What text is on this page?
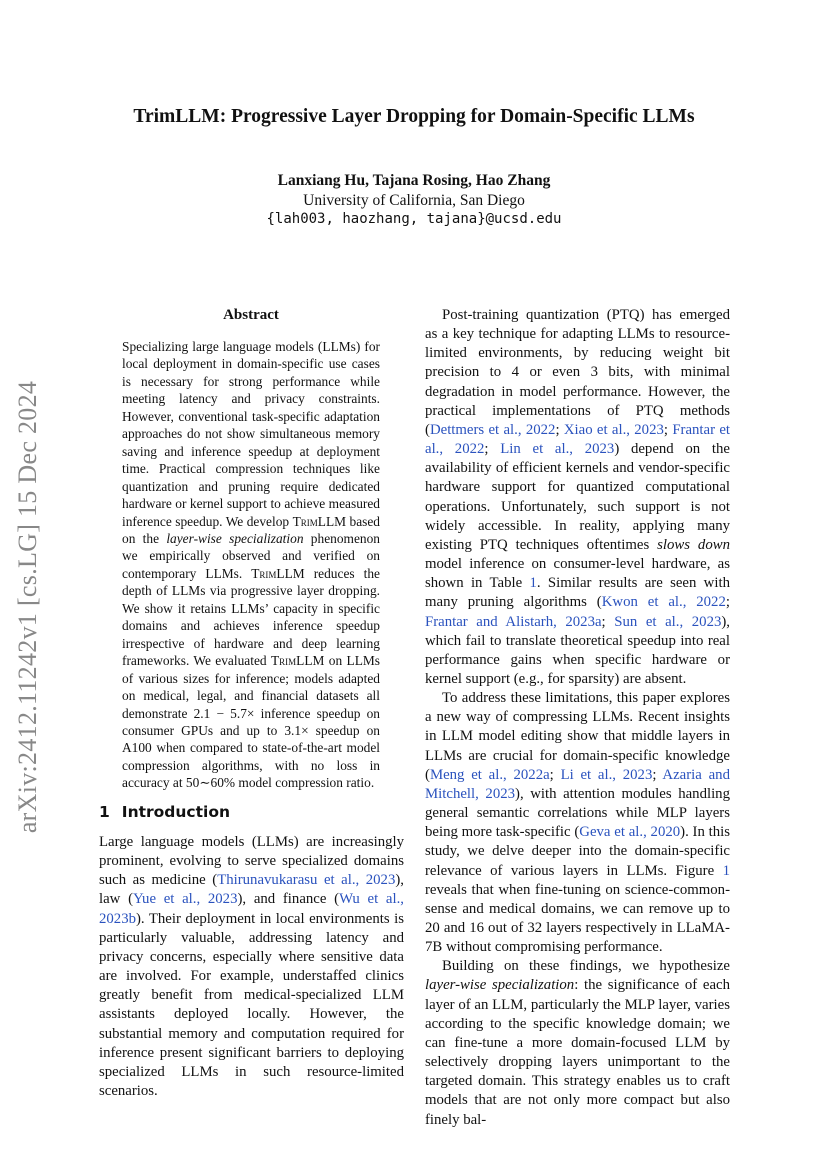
arXiv:2412.11242v1 [cs.LG] 15 Dec 2024
TrimLLM: Progressive Layer Dropping for Domain-Specific LLMs
Lanxiang Hu, Tajana Rosing, Hao Zhang
University of California, San Diego
{lah003, haozhang, tajana}@ucsd.edu
Abstract

Specializing large language models (LLMs) for local deployment in domain-specific use cases is necessary for strong performance while meeting latency and privacy constraints. However, conventional task-specific adaptation approaches do not show simultaneous memory saving and inference speedup at deployment time. Practical compression techniques like quantization and pruning require dedicated hardware or kernel support to achieve measured inference speedup. We develop TrimLLM based on the layer-wise specialization phenomenon we empirically observed and verified on contemporary LLMs. TrimLLM reduces the depth of LLMs via progressive layer dropping. We show it retains LLMs’ capacity in specific domains and achieves inference speedup irrespective of hardware and deep learning frameworks. We evaluated TrimLLM on LLMs of various sizes for inference; models adapted on medical, legal, and financial datasets all demonstrate 2.1 − 5.7× inference speedup on consumer GPUs and up to 3.1× speedup on A100 when compared to state-of-the-art model compression algorithms, with no loss in accuracy at 50∼60% model compression ratio.

1 Introduction

Large language models (LLMs) are increasingly prominent, evolving to serve specialized domains such as medicine (Thirunavukarasu et al., 2023), law (Yue et al., 2023), and finance (Wu et al., 2023b). Their deployment in local environments is particularly valuable, addressing latency and privacy concerns, especially where sensitive data are involved. For example, understaffed clinics greatly benefit from medical-specialized LLM assistants deployed locally. However, the substantial memory and computation required for inference present significant barriers to deploying specialized LLMs in such resource-limited scenarios.

Post-training quantization (PTQ) has emerged as a key technique for adapting LLMs to resource-limited environments, by reducing weight bit precision to 4 or even 3 bits, with minimal degradation in model performance. However, the practical implementations of PTQ methods (Dettmers et al., 2022; Xiao et al., 2023; Frantar et al., 2022; Lin et al., 2023) depend on the availability of efficient kernels and vendor-specific hardware support for quantized computational operations. Unfortunately, such support is not widely accessible. In reality, applying many existing PTQ techniques oftentimes slows down model inference on consumer-level hardware, as shown in Table 1. Similar results are seen with many pruning algorithms (Kwon et al., 2022; Frantar and Alistarh, 2023a; Sun et al., 2023), which fail to translate theoretical speedup into real performance gains when specific hardware or kernel support (e.g., for sparsity) are absent.

To address these limitations, this paper explores a new way of compressing LLMs. Recent insights in LLM model editing show that middle layers in LLMs are crucial for domain-specific knowledge (Meng et al., 2022a; Li et al., 2023; Azaria and Mitchell, 2023), with attention modules handling general semantic correlations while MLP layers being more task-specific (Geva et al., 2020). In this study, we delve deeper into the domain-specific relevance of various layers in LLMs. Figure 1 reveals that when fine-tuning on science-common-sense and medical domains, we can remove up to 20 and 16 out of 32 layers respectively in LLaMA-7B without compromising performance.

Building on these findings, we hypothesize layer-wise specialization: the significance of each layer of an LLM, particularly the MLP layer, varies according to the specific knowledge domain; we can fine-tune a more domain-focused LLM by selectively dropping layers unimportant to the targeted domain. This strategy enables us to craft models that are not only more compact but also finely bal-
